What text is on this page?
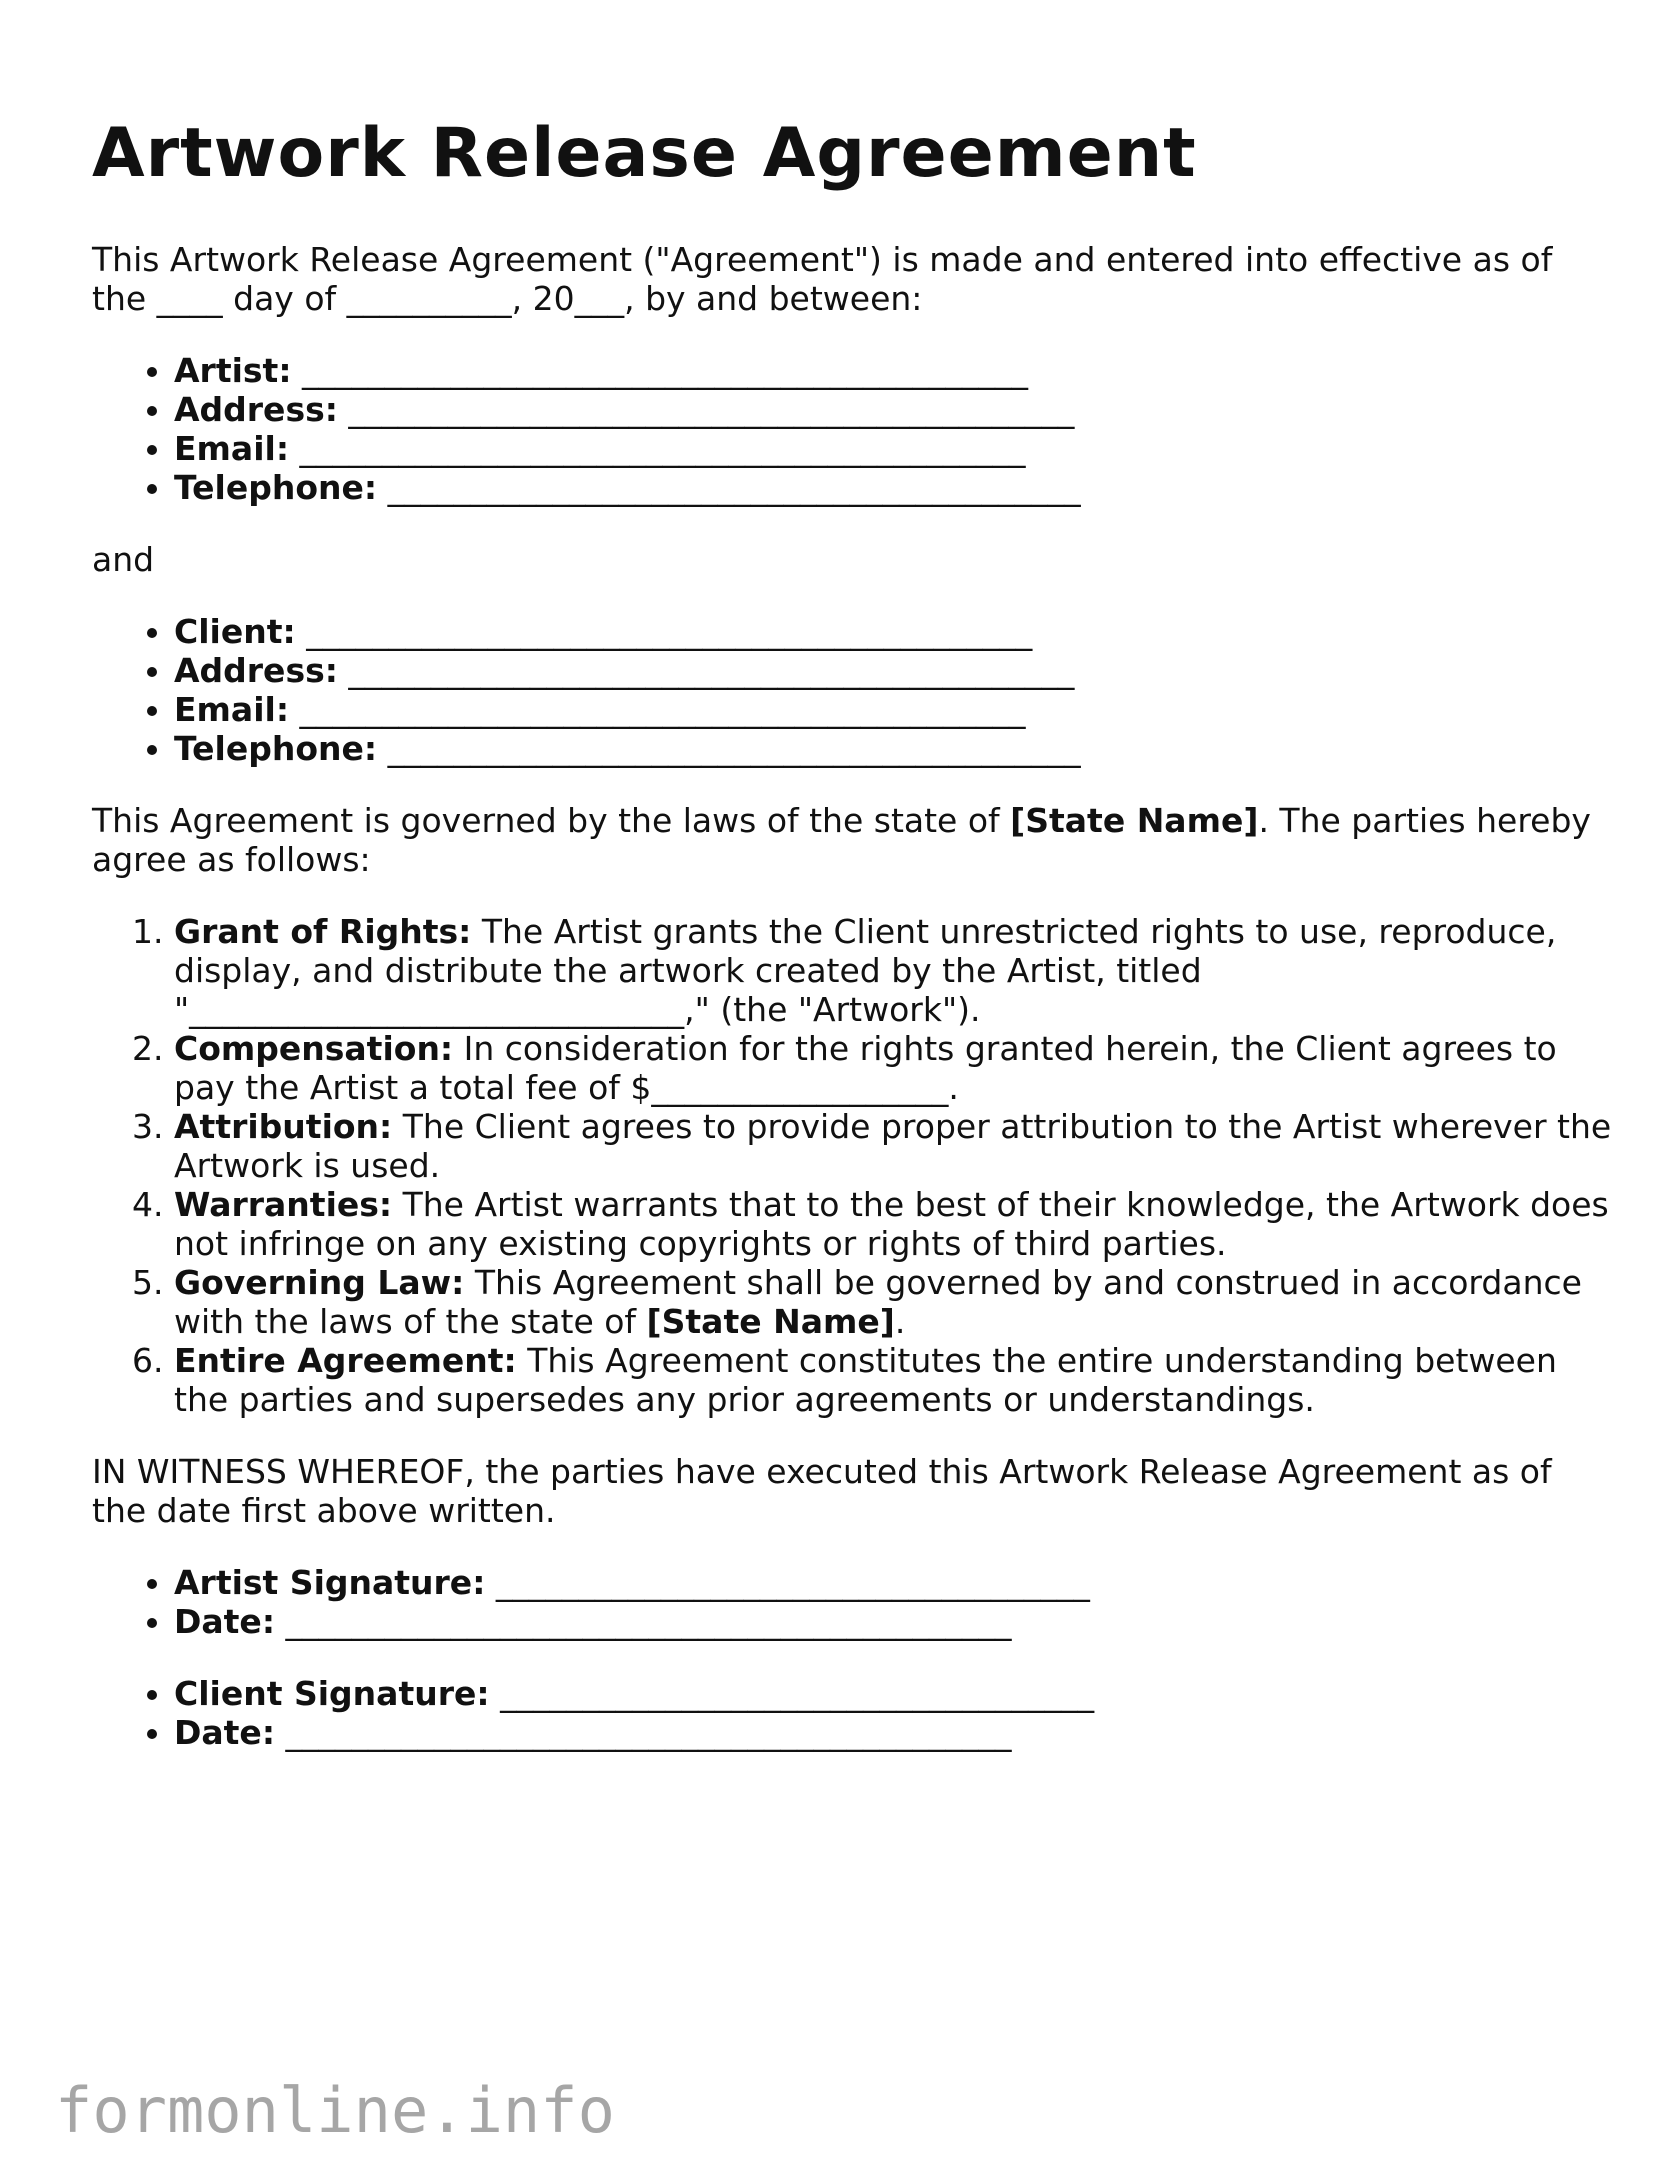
Artwork Release Agreement

This Artwork Release Agreement ("Agreement") is made and entered into effective as of the ____ day of __________, 20___, by and between:

• Artist: ____________________________________________
• Address: ____________________________________________
• Email: ____________________________________________
• Telephone: __________________________________________

and

• Client: ____________________________________________
• Address: ____________________________________________
• Email: ____________________________________________
• Telephone: __________________________________________

This Agreement is governed by the laws of the state of [State Name]. The parties hereby agree as follows:

1. Grant of Rights: The Artist grants the Client unrestricted rights to use, reproduce, display, and distribute the artwork created by the Artist, titled "______________________________," (the "Artwork").
2. Compensation: In consideration for the rights granted herein, the Client agrees to pay the Artist a total fee of $__________________.
3. Attribution: The Client agrees to provide proper attribution to the Artist wherever the Artwork is used.
4. Warranties: The Artist warrants that to the best of their knowledge, the Artwork does not infringe on any existing copyrights or rights of third parties.
5. Governing Law: This Agreement shall be governed by and construed in accordance with the laws of the state of [State Name].
6. Entire Agreement: This Agreement constitutes the entire understanding between the parties and supersedes any prior agreements or understandings.

IN WITNESS WHEREOF, the parties have executed this Artwork Release Agreement as of the date first above written.

• Artist Signature: ____________________________________
• Date: ____________________________________________
• Client Signature: ____________________________________
• Date: ____________________________________________
formonline.info
